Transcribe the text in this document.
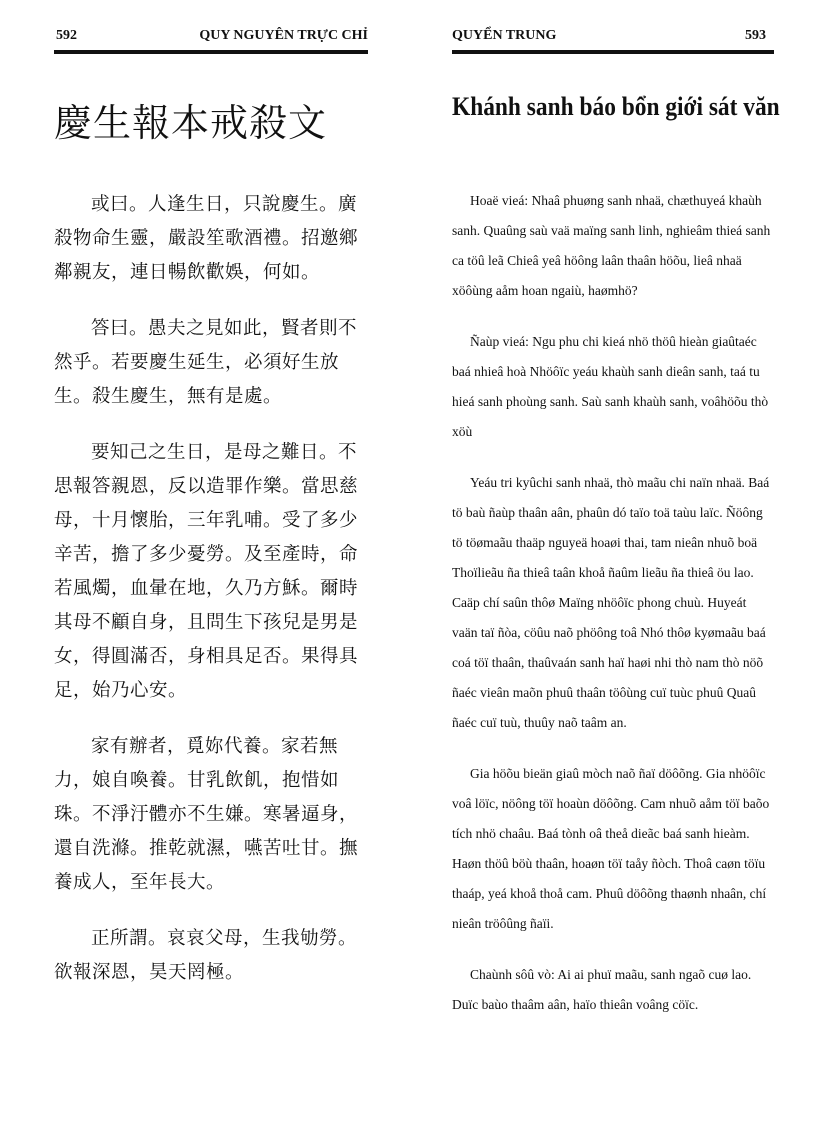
592	QUY NGUYÊN TRỰC CHỈ
慶生報本戒殺文

或曰。人逢生日，只說慶生。廣殺物命生靈，嚴設笙歌酒禮。招邀鄉鄰親友，連日暢飲歡娛，何如。

答曰。愚夫之見如此，賢者則不然乎。若要慶生延生，必須好生放生。殺生慶生，無有是處。

要知己之生日，是母之難日。不思報答親恩，反以造罪作樂。當思慈母，十月懷胎，三年乳哺。受了多少辛苦，擔了多少憂勞。及至產時，命若風燭，血暈在地，久乃方穌。爾時其母不顧自身，且問生下孩兒是男是女，得圓滿否，身相具足否。果得具足，始乃心安。

家有辦者，覓妳代養。家若無力，娘自喚養。甘乳飲飢，抱惜如珠。不淨汙體亦不生嫌。寒暑逼身，還自洗滌。推乾就濕，嚥苦吐甘。撫養成人，至年長大。

正所謂。哀哀父母，生我劬勞。欲報深恩，昊天罔極。

QUYỂN TRUNG	593
Khánh sanh báo bổn giới sát văn

Hoaë vieá: Nhaâ phuøng sanh nhaä, chæthuyeá khaùh sanh. Quaûng saù vaä maïng sanh linh, nghieâm thieá sanh ca töû leã Chieâ yeâ höông laân thaân höõu, lieâ nhaä xöôùng aåm hoan ngaiù, haømhö?

Ñaùp vieá: Ngu phu chi kieá nhö thöû hieàn giaûtaéc baá nhieâ hoà Nhöôïc yeáu khaùh sanh dieân sanh, taá tu hieá sanh phoùng sanh. Saù sanh khaùh sanh, voâhöõu thò xöù

Yeáu tri kyûchi sanh nhaä, thò maãu chi naïn nhaä. Baá tö baù ñaùp thaân aân, phaûn dó taïo toä taùu laïc. Ñöông tö töømaãu thaäp nguyeä hoaøi thai, tam nieân nhuõ boä Thoïlieãu ña thieâ taân khoå ñaûm lieãu ña thieâ öu lao. Caäp chí saûn thôø Maïng nhöôïc phong chuù. Huyeát vaän taï ñòa, cöûu naõ phöông toâ Nhó thôø kyømaãu baá coá töï thaân, thaûvaán sanh haï haøi nhi thò nam thò nöõ ñaéc vieân maõn phuû thaân töôùng cuï tuùc phuû Quaû ñaéc cuï tuù, thuûy naõ taâm an.

Gia höõu bieän giaû mòch naõ ñaï döôõng. Gia nhöôïc voâ löïc, nöông töï hoaùn döôõng. Cam nhuõ aåm töï baõo tích nhö chaâu. Baá tònh oâ theå dieãc baá sanh hieàm. Haøn thöû böù thaân, hoaøn töï taåy ñòch. Thoâ caøn töïu thaáp, yeá khoå thoå cam. Phuû döôõng thaønh nhaân, chí nieân tröôûng ñaïi.

Chaùnh sôû vò: Ai ai phuï maãu, sanh ngaõ cuø lao. Duïc baùo thaâm aân, haïo thieân voâng cöïc.
